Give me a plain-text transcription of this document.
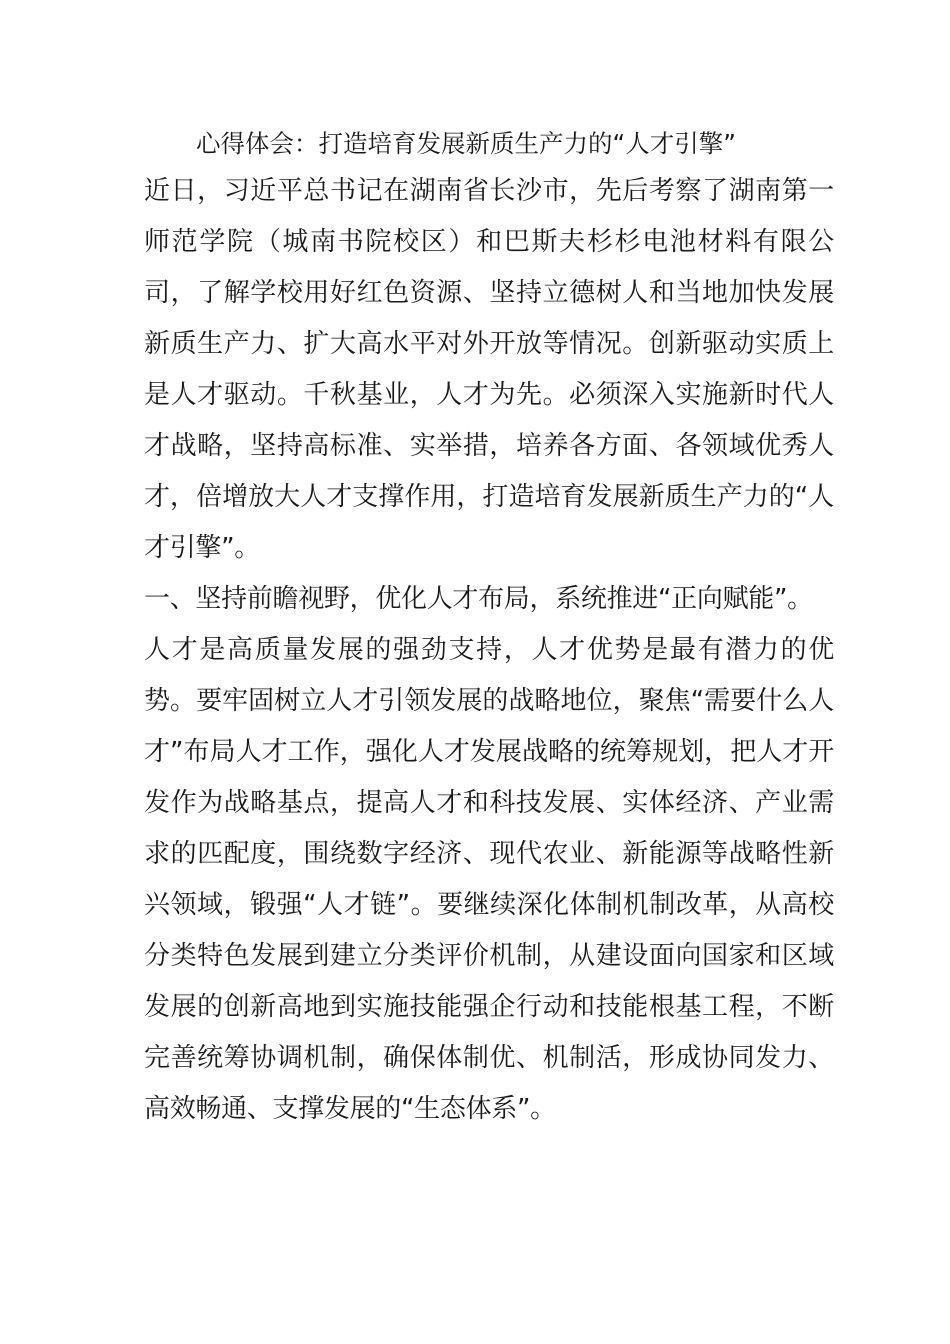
心得体会：打造培育发展新质生产力的“人才引擎”

近日，习近平总书记在湖南省长沙市，先后考察了湖南第一师范学院（城南书院校区）和巴斯夫杉杉电池材料有限公司，了解学校用好红色资源、坚持立德树人和当地加快发展新质生产力、扩大高水平对外开放等情况。创新驱动实质上是人才驱动。千秋基业，人才为先。必须深入实施新时代人才战略，坚持高标准、实举措，培养各方面、各领域优秀人才，倍增放大人才支撑作用，打造培育发展新质生产力的“人才引擎”。

一、坚持前瞻视野，优化人才布局，系统推进“正向赋能”。

人才是高质量发展的强劲支持，人才优势是最有潜力的优势。要牢固树立人才引领发展的战略地位，聚焦“需要什么人才”布局人才工作，强化人才发展战略的统筹规划，把人才开发作为战略基点，提高人才和科技发展、实体经济、产业需求的匹配度，围绕数字经济、现代农业、新能源等战略性新兴领域，锻强“人才链”。要继续深化体制机制改革，从高校分类特色发展到建立分类评价机制，从建设面向国家和区域发展的创新高地到实施技能强企行动和技能根基工程，不断完善统筹协调机制，确保体制优、机制活，形成协同发力、高效畅通、支撑发展的“生态体系”。
